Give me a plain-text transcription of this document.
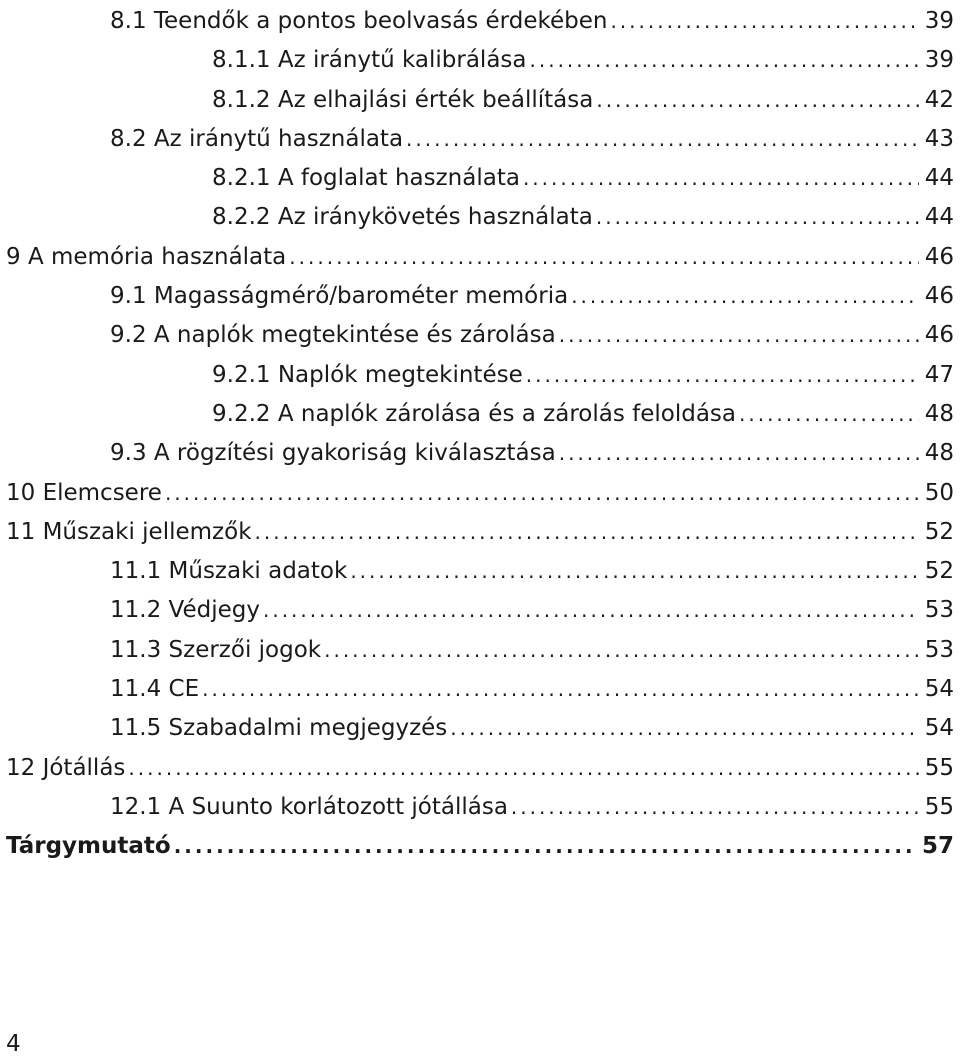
8.1 Teendők a pontos beolvasás érdekében .....	39
8.1.1 Az iránytű kalibrálása .....	39
8.1.2 Az elhajlási érték beállítása .....	42
8.2 Az iránytű használata .....	43
8.2.1 A foglalat használata .....	44
8.2.2 Az iránykövetés használata .....	44
9 A memória használata .....	46
9.1 Magasságmérő/barométer memória .....	46
9.2 A naplók megtekintése és zárolása .....	46
9.2.1 Naplók megtekintése .....	47
9.2.2 A naplók zárolása és a zárolás feloldása .....	48
9.3 A rögzítési gyakoriság kiválasztása .....	48
10 Elemcsere .....	50
11 Műszaki jellemzők .....	52
11.1 Műszaki adatok .....	52
11.2 Védjegy .....	53
11.3 Szerzői jogok .....	53
11.4 CE .....	54
11.5 Szabadalmi megjegyzés .....	54
12 Jótállás .....	55
12.1 A Suunto korlátozott jótállása .....	55
Tárgymutató .....	57
4
